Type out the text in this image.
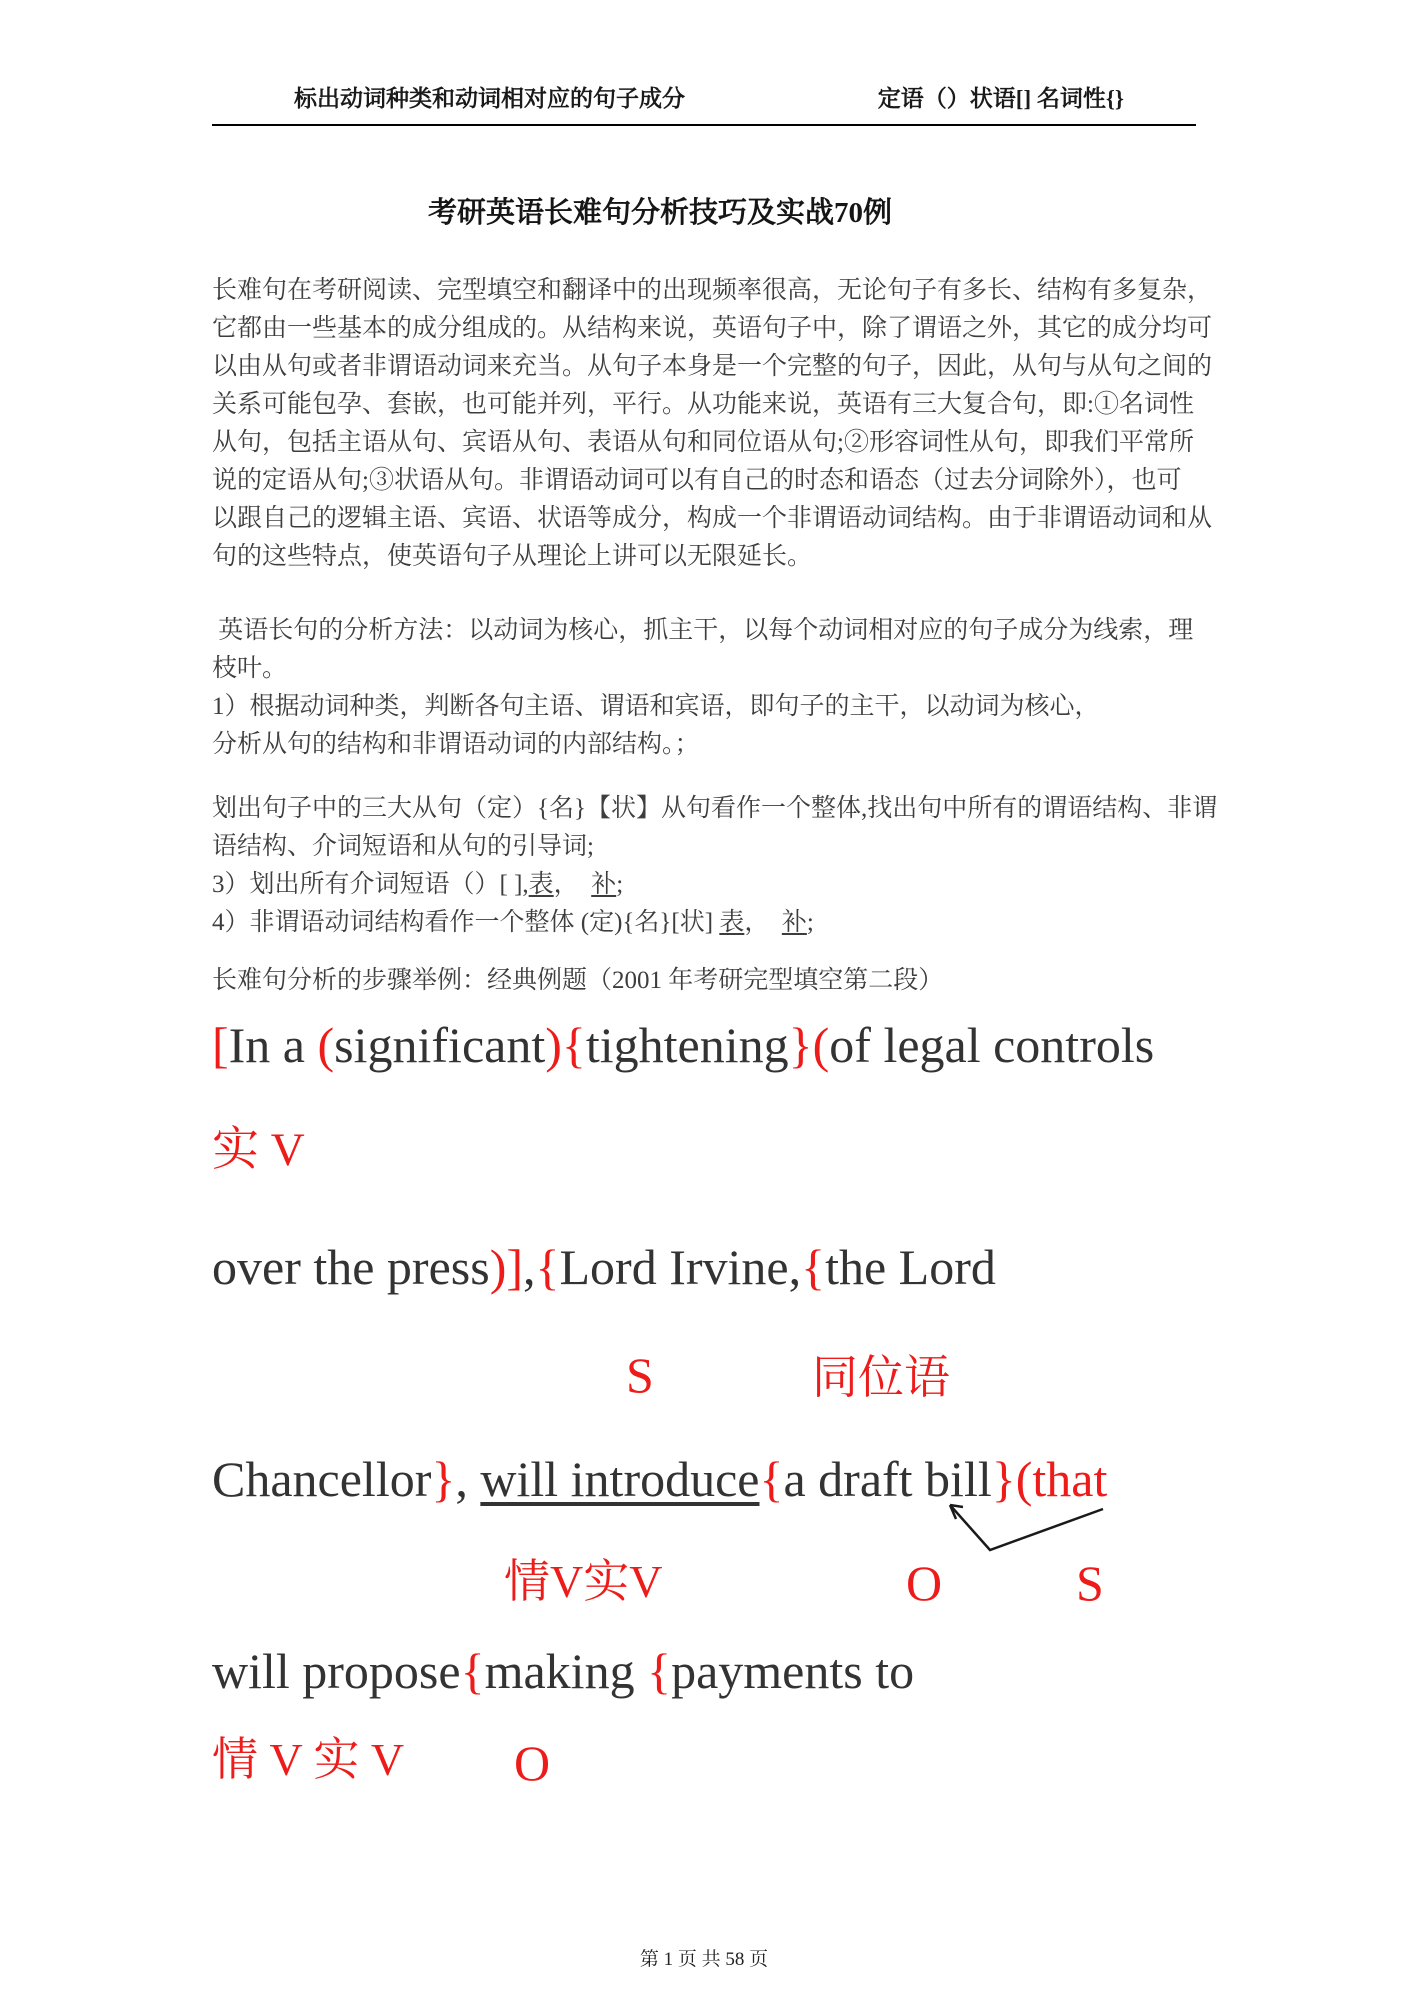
标出动词种类和动词相对应的句子成分	定语（）状语[] 名词性{}
考研英语长难句分析技巧及实战70例
长难句在考研阅读、完型填空和翻译中的出现频率很高，无论句子有多长、结构有多复杂，
它都由一些基本的成分组成的。从结构来说，英语句子中，除了谓语之外，其它的成分均可
以由从句或者非谓语动词来充当。从句子本身是一个完整的句子，因此，从句与从句之间的
关系可能包孕、套嵌，也可能并列，平行。从功能来说，英语有三大复合句，即:①名词性
从句，包括主语从句、宾语从句、表语从句和同位语从句;②形容词性从句，即我们平常所
说的定语从句;③状语从句。非谓语动词可以有自己的时态和语态（过去分词除外），也可
以跟自己的逻辑主语、宾语、状语等成分，构成一个非谓语动词结构。由于非谓语动词和从
句的这些特点，使英语句子从理论上讲可以无限延长。
英语长句的分析方法：以动词为核心，抓主干，以每个动词相对应的句子成分为线索，理
枝叶。
1）根据动词种类，判断各句主语、谓语和宾语，即句子的主干，以动词为核心，
分析从句的结构和非谓语动词的内部结构。；
划出句子中的三大从句（定）{名}【状】从句看作一个整体,找出句中所有的谓语结构、非谓
语结构、介词短语和从句的引导词;
3）划出所有介词短语（）[ ],表，  补;
4）非谓语动词结构看作一个整体 (定){名}[状] 表，  补;
长难句分析的步骤举例：经典例题（2001 年考研完型填空第二段）
[In a (significant){tightening}(of legal controls
实 V
over the press)],{Lord Irvine,{the Lord
S	同位语
Chancellor}, will introduce{a draft bill}(that
情V实V	O	S
will propose{making {payments to
情 V 实 V O
第 1 页 共 58 页
